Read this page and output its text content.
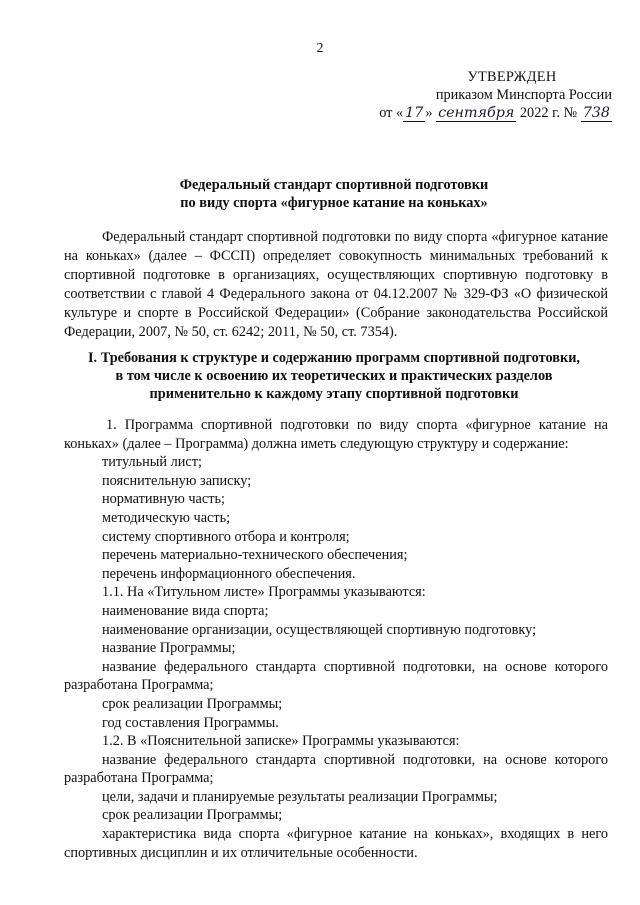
2
УТВЕРЖДЕН
приказом Минспорта России
от « 17 » сентября 2022 г. № 738
Федеральный стандарт спортивной подготовки
по виду спорта «фигурное катание на коньках»

Федеральный стандарт спортивной подготовки по виду спорта «фигурное катание на коньках» (далее – ФССП) определяет совокупность минимальных требований к спортивной подготовке в организациях, осуществляющих спортивную подготовку в соответствии с главой 4 Федерального закона от 04.12.2007 № 329-ФЗ «О физической культуре и спорте в Российской Федерации» (Собрание законодательства Российской Федерации, 2007, № 50, ст. 6242; 2011, № 50, ст. 7354).

I. Требования к структуре и содержанию программ спортивной подготовки,
в том числе к освоению их теоретических и практических разделов
применительно к каждому этапу спортивной подготовки

1. Программа спортивной подготовки по виду спорта «фигурное катание на коньках» (далее – Программа) должна иметь следующую структуру и содержание:

титульный лист;

пояснительную записку;

нормативную часть;

методическую часть;

систему спортивного отбора и контроля;

перечень материально-технического обеспечения;

перечень информационного обеспечения.

1.1. На «Титульном листе» Программы указываются:

наименование вида спорта;

наименование организации, осуществляющей спортивную подготовку;

название Программы;

название федерального стандарта спортивной подготовки, на основе которого разработана Программа;

срок реализации Программы;

год составления Программы.

1.2. В «Пояснительной записке» Программы указываются:

название федерального стандарта спортивной подготовки, на основе которого разработана Программа;

цели, задачи и планируемые результаты реализации Программы;

срок реализации Программы;

характеристика вида спорта «фигурное катание на коньках», входящих в него спортивных дисциплин и их отличительные особенности.
